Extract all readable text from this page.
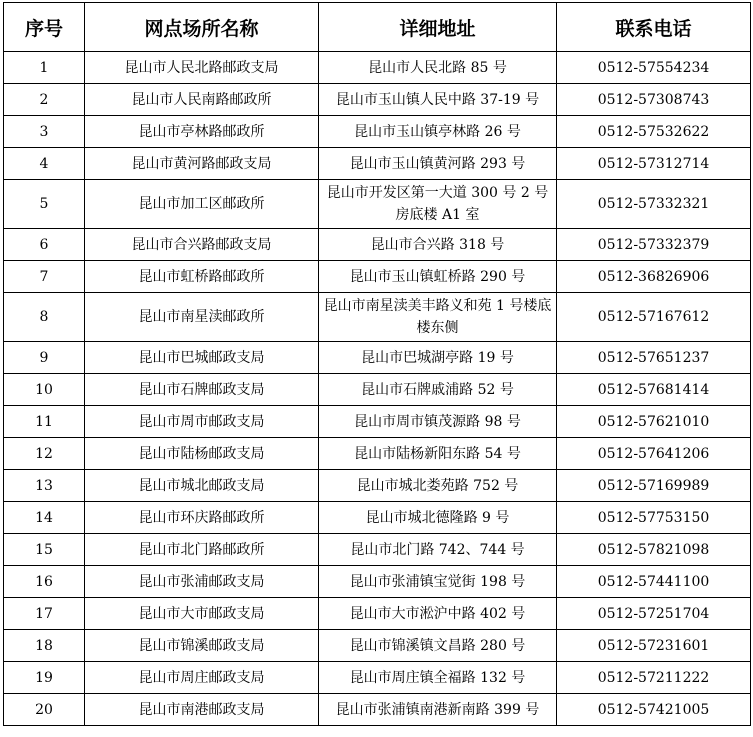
序号	网点场所名称	详细地址	联系电话
1	昆山市人民北路邮政支局	昆山市人民北路 85 号	0512-57554234
2	昆山市人民南路邮政所	昆山市玉山镇人民中路 37-19 号	0512-57308743
3	昆山市亭林路邮政所	昆山市玉山镇亭林路 26 号	0512-57532622
4	昆山市黄河路邮政支局	昆山市玉山镇黄河路 293 号	0512-57312714
5	昆山市加工区邮政所	昆山市开发区第一大道 300 号 2 号房底楼 A1 室	0512-57332321
6	昆山市合兴路邮政支局	昆山市合兴路 318 号	0512-57332379
7	昆山市虹桥路邮政所	昆山市玉山镇虹桥路 290 号	0512-36826906
8	昆山市南星渎邮政所	昆山市南星渎美丰路义和苑 1 号楼底楼东侧	0512-57167612
9	昆山市巴城邮政支局	昆山市巴城湖亭路 19 号	0512-57651237
10	昆山市石牌邮政支局	昆山市石牌戚浦路 52 号	0512-57681414
11	昆山市周市邮政支局	昆山市周市镇茂源路 98 号	0512-57621010
12	昆山市陆杨邮政支局	昆山市陆杨新阳东路 54 号	0512-57641206
13	昆山市城北邮政支局	昆山市城北娄苑路 752 号	0512-57169989
14	昆山市环庆路邮政所	昆山市城北德隆路 9 号	0512-57753150
15	昆山市北门路邮政所	昆山市北门路 742、744 号	0512-57821098
16	昆山市张浦邮政支局	昆山市张浦镇宝觉街 198 号	0512-57441100
17	昆山市大市邮政支局	昆山市大市淞沪中路 402 号	0512-57251704
18	昆山市锦溪邮政支局	昆山市锦溪镇文昌路 280 号	0512-57231601
19	昆山市周庄邮政支局	昆山市周庄镇全福路 132 号	0512-57211222
20	昆山市南港邮政支局	昆山市张浦镇南港新南路 399 号	0512-57421005
